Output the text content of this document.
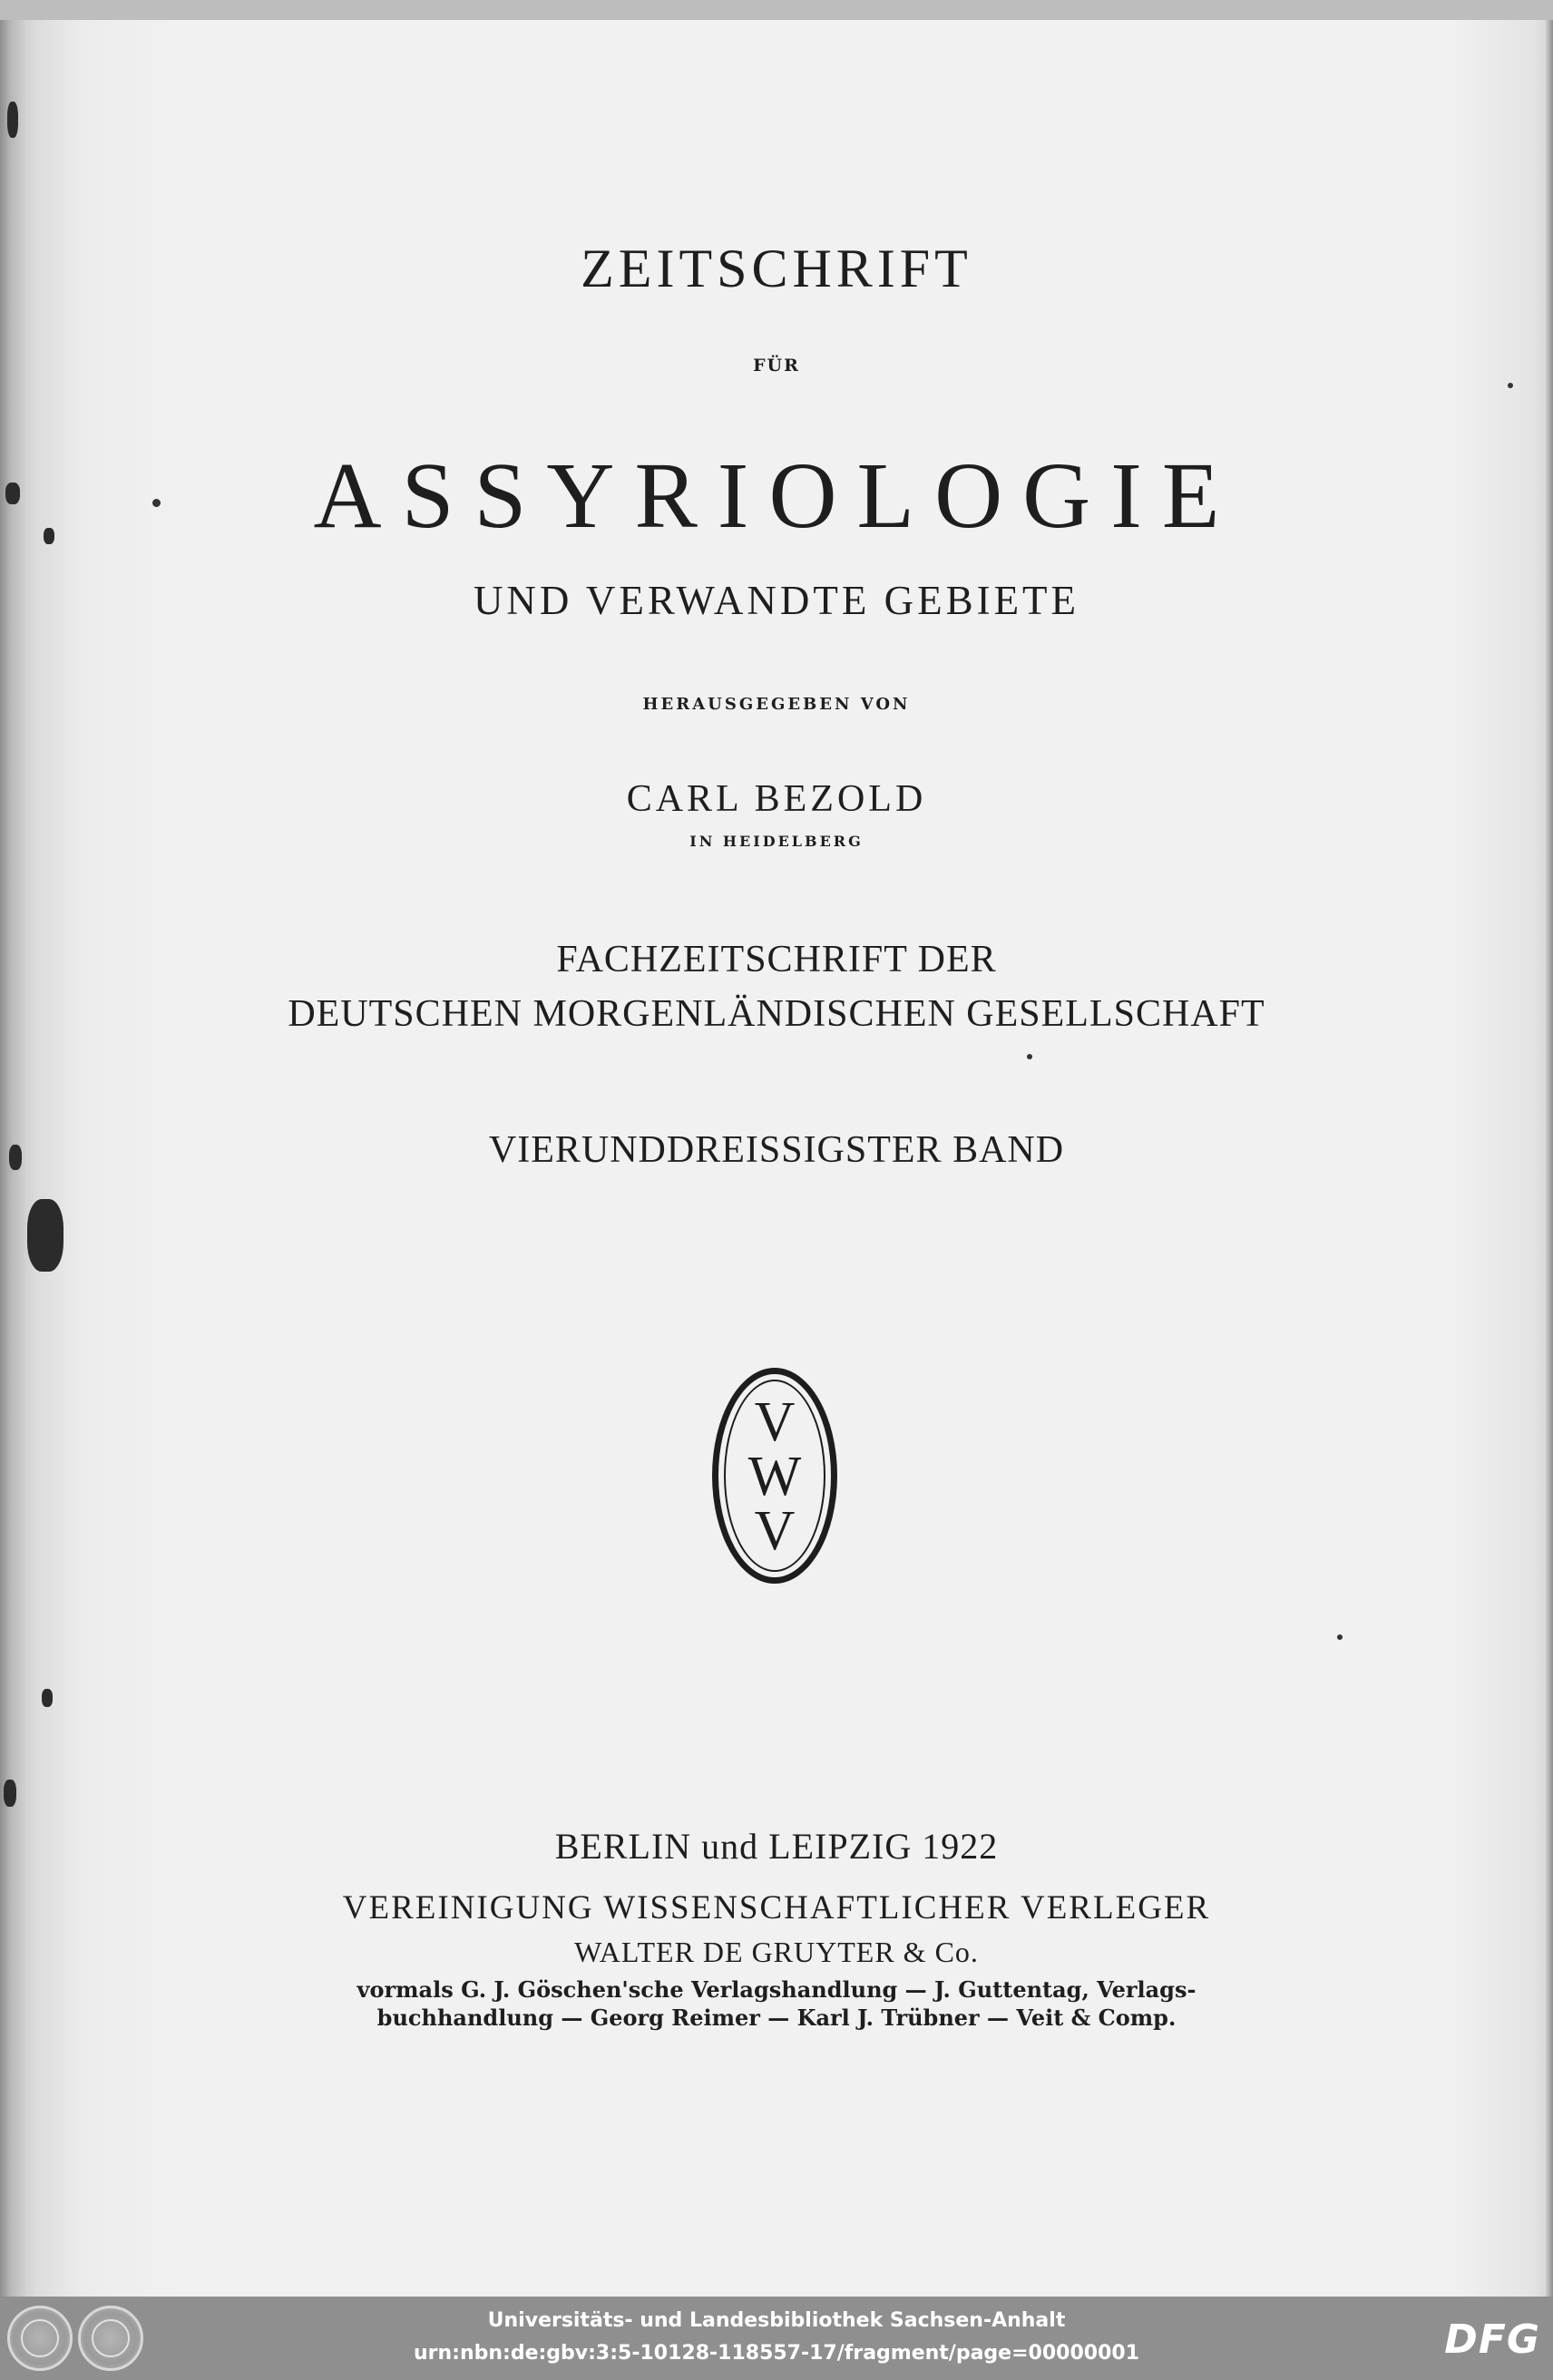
ZEITSCHRIFT
FÜR
ASSYRIOLOGIE
UND VERWANDTE GEBIETE
HERAUSGEGEBEN VON
CARL BEZOLD
IN HEIDELBERG
FACHZEITSCHRIFT DER
DEUTSCHEN MORGENLÄNDISCHEN GESELLSCHAFT
VIERUNDDREISSIGSTER BAND
V
W
V
BERLIN und LEIPZIG 1922
VEREINIGUNG WISSENSCHAFTLICHER VERLEGER
WALTER DE GRUYTER & Co.
vormals G. J. Göschen'sche Verlagshandlung — J. Guttentag, Verlags-
buchhandlung — Georg Reimer — Karl J. Trübner — Veit & Comp.
Universitäts- und Landesbibliothek Sachsen-Anhalt
urn:nbn:de:gbv:3:5-10128-118557-17/fragment/page=00000001	DFG
